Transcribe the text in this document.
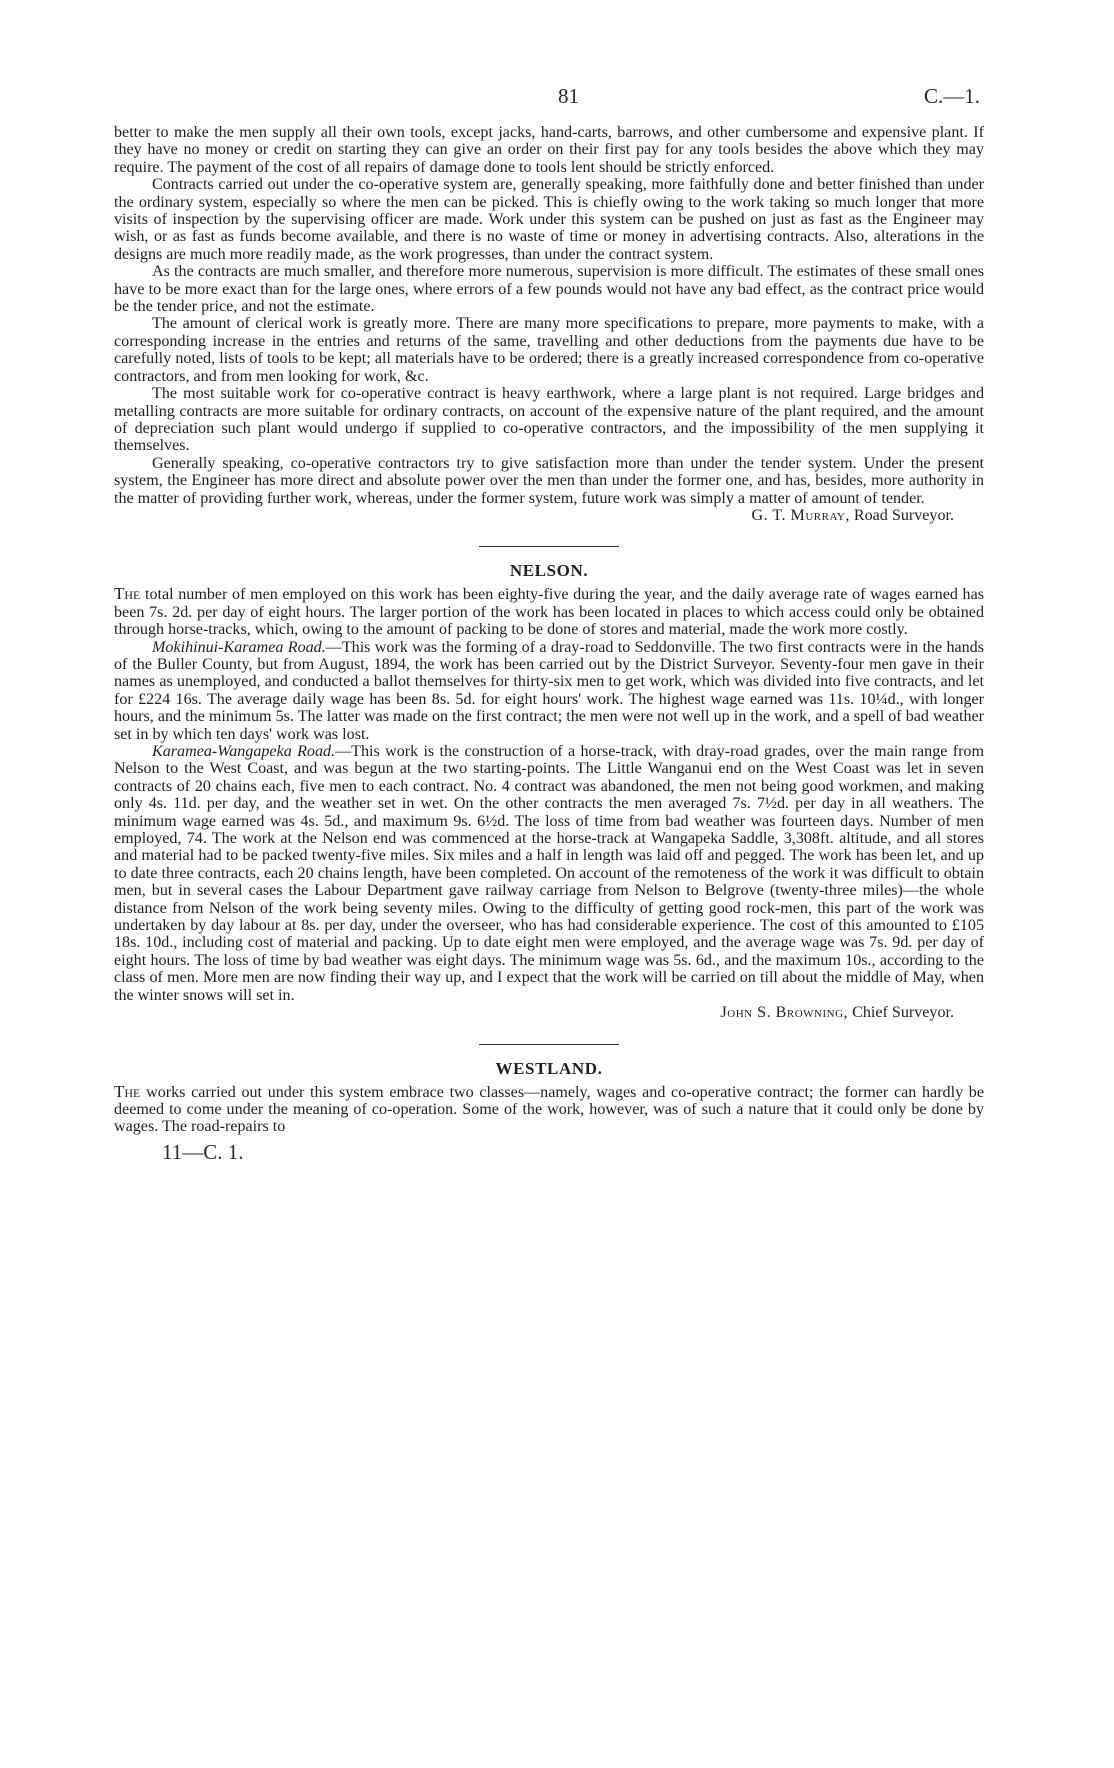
81	C.—1.

better to make the men supply all their own tools, except jacks, hand-carts, barrows, and other cumbersome and expensive plant. If they have no money or credit on starting they can give an order on their first pay for any tools besides the above which they may require. The payment of the cost of all repairs of damage done to tools lent should be strictly enforced.

Contracts carried out under the co-operative system are, generally speaking, more faithfully done and better finished than under the ordinary system, especially so where the men can be picked. This is chiefly owing to the work taking so much longer that more visits of inspection by the supervising officer are made. Work under this system can be pushed on just as fast as the Engineer may wish, or as fast as funds become available, and there is no waste of time or money in advertising contracts. Also, alterations in the designs are much more readily made, as the work progresses, than under the contract system.

As the contracts are much smaller, and therefore more numerous, supervision is more difficult. The estimates of these small ones have to be more exact than for the large ones, where errors of a few pounds would not have any bad effect, as the contract price would be the tender price, and not the estimate.

The amount of clerical work is greatly more. There are many more specifications to prepare, more payments to make, with a corresponding increase in the entries and returns of the same, travelling and other deductions from the payments due have to be carefully noted, lists of tools to be kept; all materials have to be ordered; there is a greatly increased correspondence from co-operative contractors, and from men looking for work, &c.

The most suitable work for co-operative contract is heavy earthwork, where a large plant is not required. Large bridges and metalling contracts are more suitable for ordinary contracts, on account of the expensive nature of the plant required, and the amount of depreciation such plant would undergo if supplied to co-operative contractors, and the impossibility of the men supplying it themselves.

Generally speaking, co-operative contractors try to give satisfaction more than under the tender system. Under the present system, the Engineer has more direct and absolute power over the men than under the former one, and has, besides, more authority in the matter of providing further work, whereas, under the former system, future work was simply a matter of amount of tender.

G. T. Murray, Road Surveyor.

NELSON.

The total number of men employed on this work has been eighty-five during the year, and the daily average rate of wages earned has been 7s. 2d. per day of eight hours. The larger portion of the work has been located in places to which access could only be obtained through horse-tracks, which, owing to the amount of packing to be done of stores and material, made the work more costly.

Mokihinui-Karamea Road.—This work was the forming of a dray-road to Seddonville. The two first contracts were in the hands of the Buller County, but from August, 1894, the work has been carried out by the District Surveyor. Seventy-four men gave in their names as unemployed, and conducted a ballot themselves for thirty-six men to get work, which was divided into five contracts, and let for £224 16s. The average daily wage has been 8s. 5d. for eight hours' work. The highest wage earned was 11s. 10¼d., with longer hours, and the minimum 5s. The latter was made on the first contract; the men were not well up in the work, and a spell of bad weather set in by which ten days' work was lost.

Karamea-Wangapeka Road.—This work is the construction of a horse-track, with dray-road grades, over the main range from Nelson to the West Coast, and was begun at the two starting-points. The Little Wanganui end on the West Coast was let in seven contracts of 20 chains each, five men to each contract. No. 4 contract was abandoned, the men not being good workmen, and making only 4s. 11d. per day, and the weather set in wet. On the other contracts the men averaged 7s. 7½d. per day in all weathers. The minimum wage earned was 4s. 5d., and maximum 9s. 6½d. The loss of time from bad weather was fourteen days. Number of men employed, 74. The work at the Nelson end was commenced at the horse-track at Wangapeka Saddle, 3,308ft. altitude, and all stores and material had to be packed twenty-five miles. Six miles and a half in length was laid off and pegged. The work has been let, and up to date three contracts, each 20 chains length, have been completed. On account of the remoteness of the work it was difficult to obtain men, but in several cases the Labour Department gave railway carriage from Nelson to Belgrove (twenty-three miles)—the whole distance from Nelson of the work being seventy miles. Owing to the difficulty of getting good rock-men, this part of the work was undertaken by day labour at 8s. per day, under the overseer, who has had considerable experience. The cost of this amounted to £105 18s. 10d., including cost of material and packing. Up to date eight men were employed, and the average wage was 7s. 9d. per day of eight hours. The loss of time by bad weather was eight days. The minimum wage was 5s. 6d., and the maximum 10s., according to the class of men. More men are now finding their way up, and I expect that the work will be carried on till about the middle of May, when the winter snows will set in.

John S. Browning, Chief Surveyor.

WESTLAND.

The works carried out under this system embrace two classes—namely, wages and co-operative contract; the former can hardly be deemed to come under the meaning of co-operation. Some of the work, however, was of such a nature that it could only be done by wages. The road-repairs to

11—C. 1.
